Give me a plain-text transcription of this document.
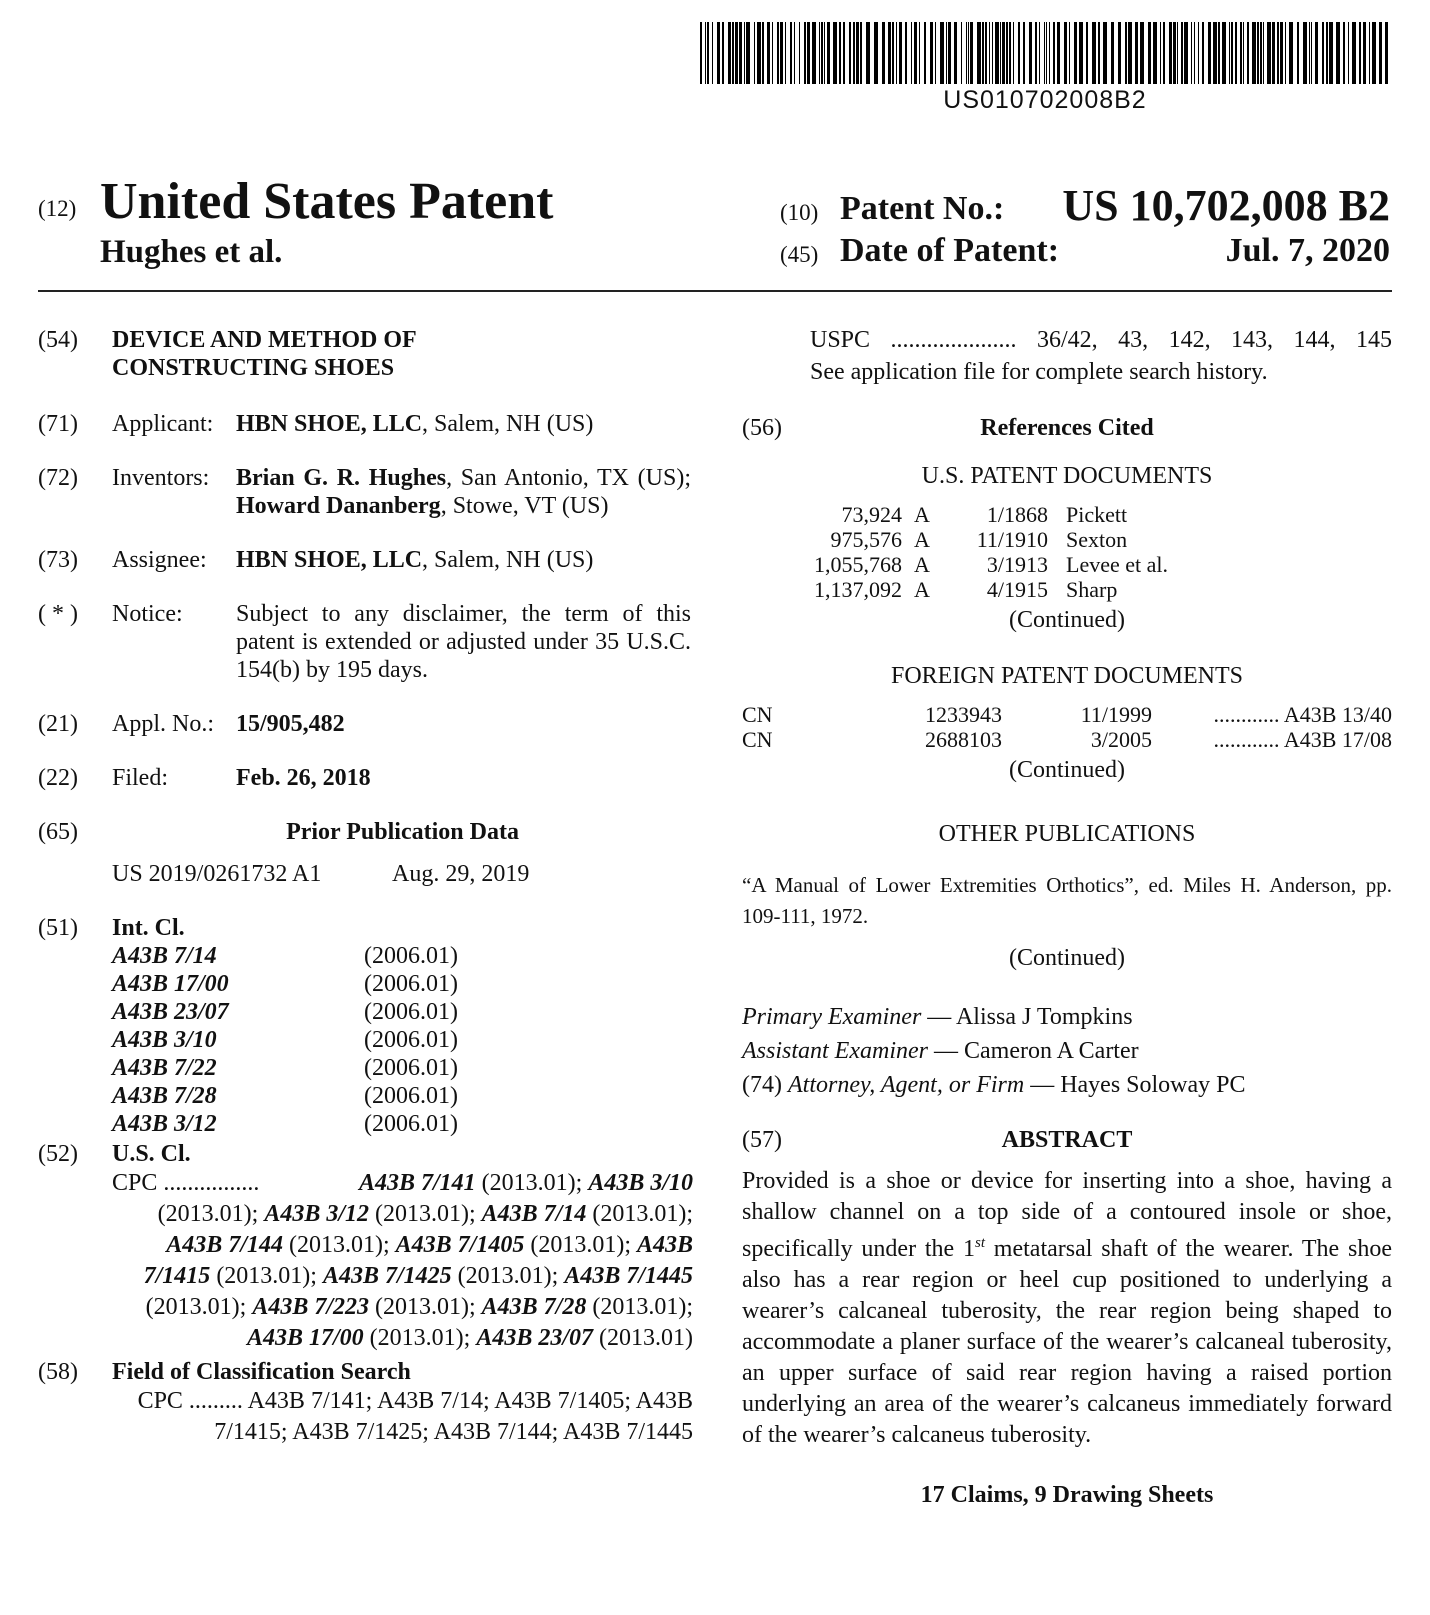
US010702008B2
(12) United States Patent
Hughes et al.
(10) Patent No.: US 10,702,008 B2
(45) Date of Patent:	Jul. 7, 2020
(54) DEVICE AND METHOD OF
CONSTRUCTING SHOES
(71) Applicant: HBN SHOE, LLC, Salem, NH (US)
(72) Inventors: Brian G. R. Hughes, San Antonio, TX (US); Howard Dananberg, Stowe, VT (US)
(73) Assignee: HBN SHOE, LLC, Salem, NH (US)
( * ) Notice: Subject to any disclaimer, the term of this patent is extended or adjusted under 35 U.S.C. 154(b) by 195 days.
(21) Appl. No.: 15/905,482
(22) Filed:	Feb. 26, 2018
(65)	Prior Publication Data
US 2019/0261732 A1	Aug. 29, 2019
(51) Int. Cl.
A43B 7/14	(2006.01)
A43B 17/00	(2006.01)
A43B 23/07	(2006.01)
A43B 3/10	(2006.01)
A43B 7/22	(2006.01)
A43B 7/28	(2006.01)
A43B 3/12	(2006.01)
(52) U.S. Cl.
CPC ................	A43B 7/141 (2013.01); A43B 3/10 (2013.01); A43B 3/12 (2013.01); A43B 7/14 (2013.01); A43B 7/144 (2013.01); A43B 7/1405 (2013.01); A43B 7/1415 (2013.01); A43B 7/1425 (2013.01); A43B 7/1445 (2013.01); A43B 7/223 (2013.01); A43B 7/28 (2013.01); A43B 17/00 (2013.01); A43B 23/07 (2013.01)
(58) Field of Classification Search
CPC ......... A43B 7/141; A43B 7/14; A43B 7/1405; A43B 7/1415; A43B 7/1425; A43B 7/144; A43B 7/1445
USPC ..................... 36/42, 43, 142, 143, 144, 145
See application file for complete search history.
(56)	References Cited
U.S. PATENT DOCUMENTS
73,924 A	1/1868 Pickett
975,576 A	11/1910 Sexton
1,055,768 A	3/1913 Levee et al.
1,137,092 A	4/1915 Sharp
(Continued)
FOREIGN PATENT DOCUMENTS
CN	1233943	11/1999	............ A43B 13/40
CN	2688103	3/2005	............ A43B 17/08
(Continued)
OTHER PUBLICATIONS
“A Manual of Lower Extremities Orthotics”, ed. Miles H. Anderson, pp. 109-111, 1972.
(Continued)
Primary Examiner — Alissa J Tompkins
Assistant Examiner — Cameron A Carter
(74) Attorney, Agent, or Firm — Hayes Soloway PC
(57)	ABSTRACT
Provided is a shoe or device for inserting into a shoe, having a shallow channel on a top side of a contoured insole or shoe, specifically under the 1st metatarsal shaft of the wearer. The shoe also has a rear region or heel cup positioned to underlying a wearer’s calcaneal tuberosity, the rear region being shaped to accommodate a planer surface of the wearer’s calcaneal tuberosity, an upper surface of said rear region having a raised portion underlying an area of the wearer’s calcaneus immediately forward of the wearer’s calcaneus tuberosity.
17 Claims, 9 Drawing Sheets
